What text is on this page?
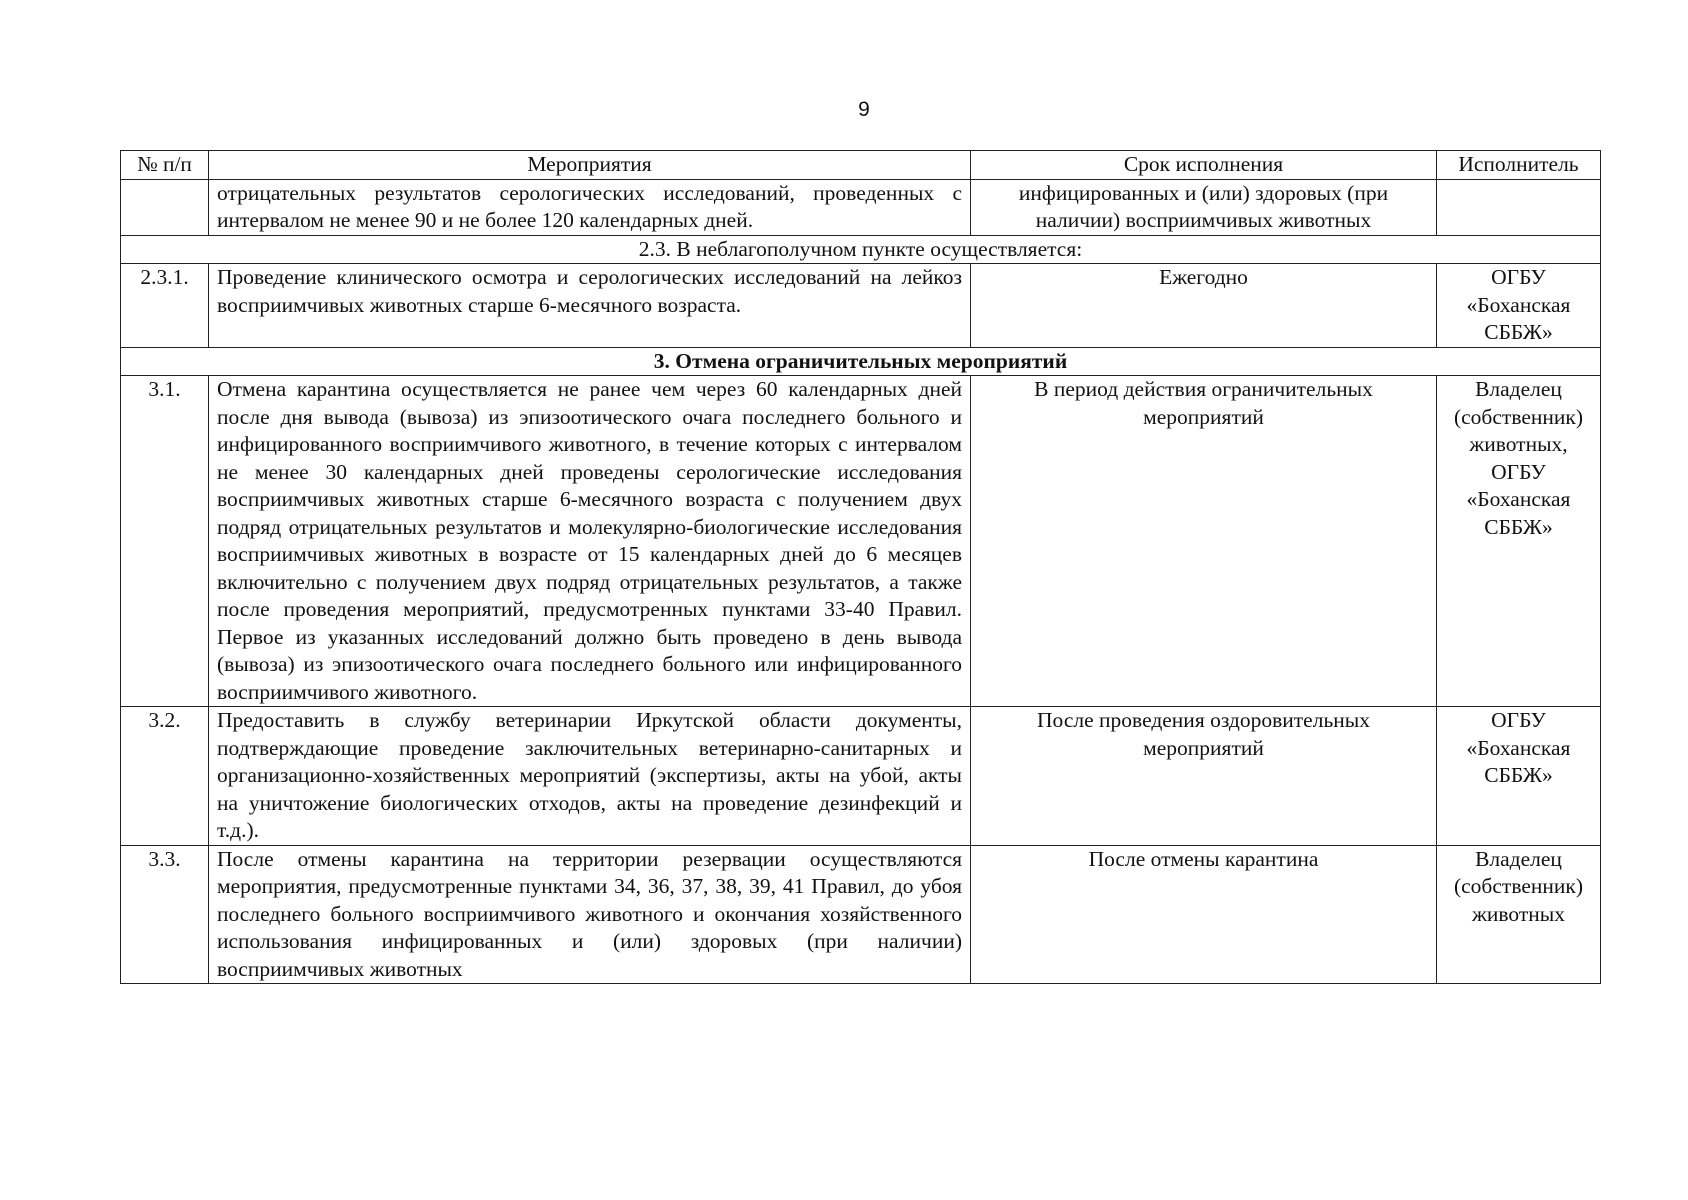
9
№ п/п	Мероприятия	Срок исполнения	Исполнитель
	отрицательных результатов серологических исследований, проведенных с интервалом не менее 90 и не более 120 календарных дней.	инфицированных и (или) здоровых (при наличии) восприимчивых животных	
2.3. В неблагополучном пункте осуществляется:			
2.3.1.	Проведение клинического осмотра и серологических исследований на лейкоз восприимчивых животных старше 6-месячного возраста.	Ежегодно	ОГБУ «Боханская СББЖ»
3. Отмена ограничительных мероприятий			
3.1.	Отмена карантина осуществляется не ранее чем через 60 календарных дней после дня вывода (вывоза) из эпизоотического очага последнего больного и инфицированного восприимчивого животного, в течение которых с интервалом не менее 30 календарных дней проведены серологические исследования восприимчивых животных старше 6-месячного возраста с получением двух подряд отрицательных результатов и молекулярно-биологические исследования восприимчивых животных в возрасте от 15 календарных дней до 6 месяцев включительно с получением двух подряд отрицательных результатов, а также после проведения мероприятий, предусмотренных пунктами 33-40 Правил. Первое из указанных исследований должно быть проведено в день вывода (вывоза) из эпизоотического очага последнего больного или инфицированного восприимчивого животного.	В период действия ограничительных мероприятий	Владелец (собственник) животных, ОГБУ «Боханская СББЖ»
3.2.	Предоставить в службу ветеринарии Иркутской области документы, подтверждающие проведение заключительных ветеринарно-санитарных и организационно-хозяйственных мероприятий (экспертизы, акты на убой, акты на уничтожение биологических отходов, акты на проведение дезинфекций и т.д.).	После проведения оздоровительных мероприятий	ОГБУ «Боханская СББЖ»
3.3.	После отмены карантина на территории резервации осуществляются мероприятия, предусмотренные пунктами 34, 36, 37, 38, 39, 41 Правил, до убоя последнего больного восприимчивого животного и окончания хозяйственного использования инфицированных и (или) здоровых (при наличии) восприимчивых животных	После отмены карантина	Владелец (собственник) животных
